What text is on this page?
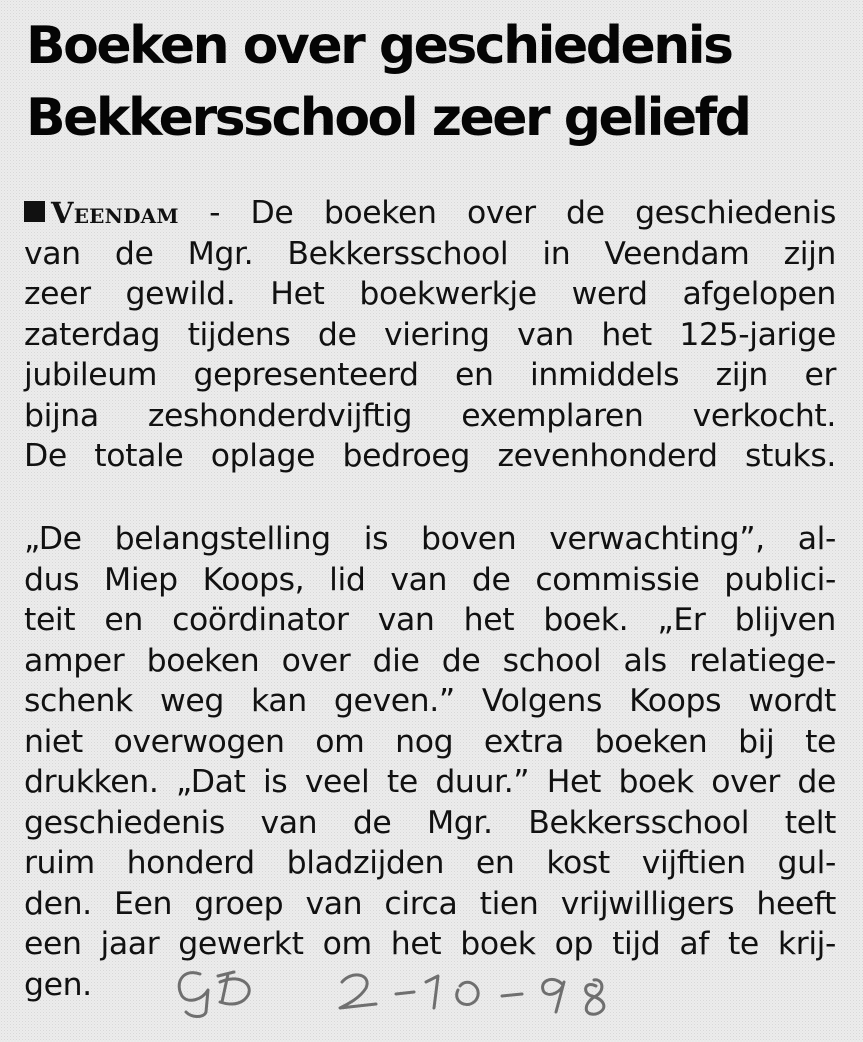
Boeken over geschiedenis
Bekkersschool zeer geliefd
Veendam - De boeken over de geschiedenis
van de Mgr. Bekkersschool in Veendam zijn
zeer gewild. Het boekwerkje werd afgelopen
zaterdag tijdens de viering van het 125-jarige
jubileum gepresenteerd en inmiddels zijn er
bijna zeshonderdvijftig exemplaren verkocht.
De totale oplage bedroeg zevenhonderd stuks.
„De belangstelling is boven verwachting”, al-
dus Miep Koops, lid van de commissie publici-
teit en coördinator van het boek. „Er blijven
amper boeken over die de school als relatiege-
schenk weg kan geven.” Volgens Koops wordt
niet overwogen om nog extra boeken bij te
drukken. „Dat is veel te duur.” Het boek over de
geschiedenis van de Mgr. Bekkersschool telt
ruim honderd bladzijden en kost vijftien gul-
den. Een groep van circa tien vrijwilligers heeft
een jaar gewerkt om het boek op tijd af te krij-
gen.
